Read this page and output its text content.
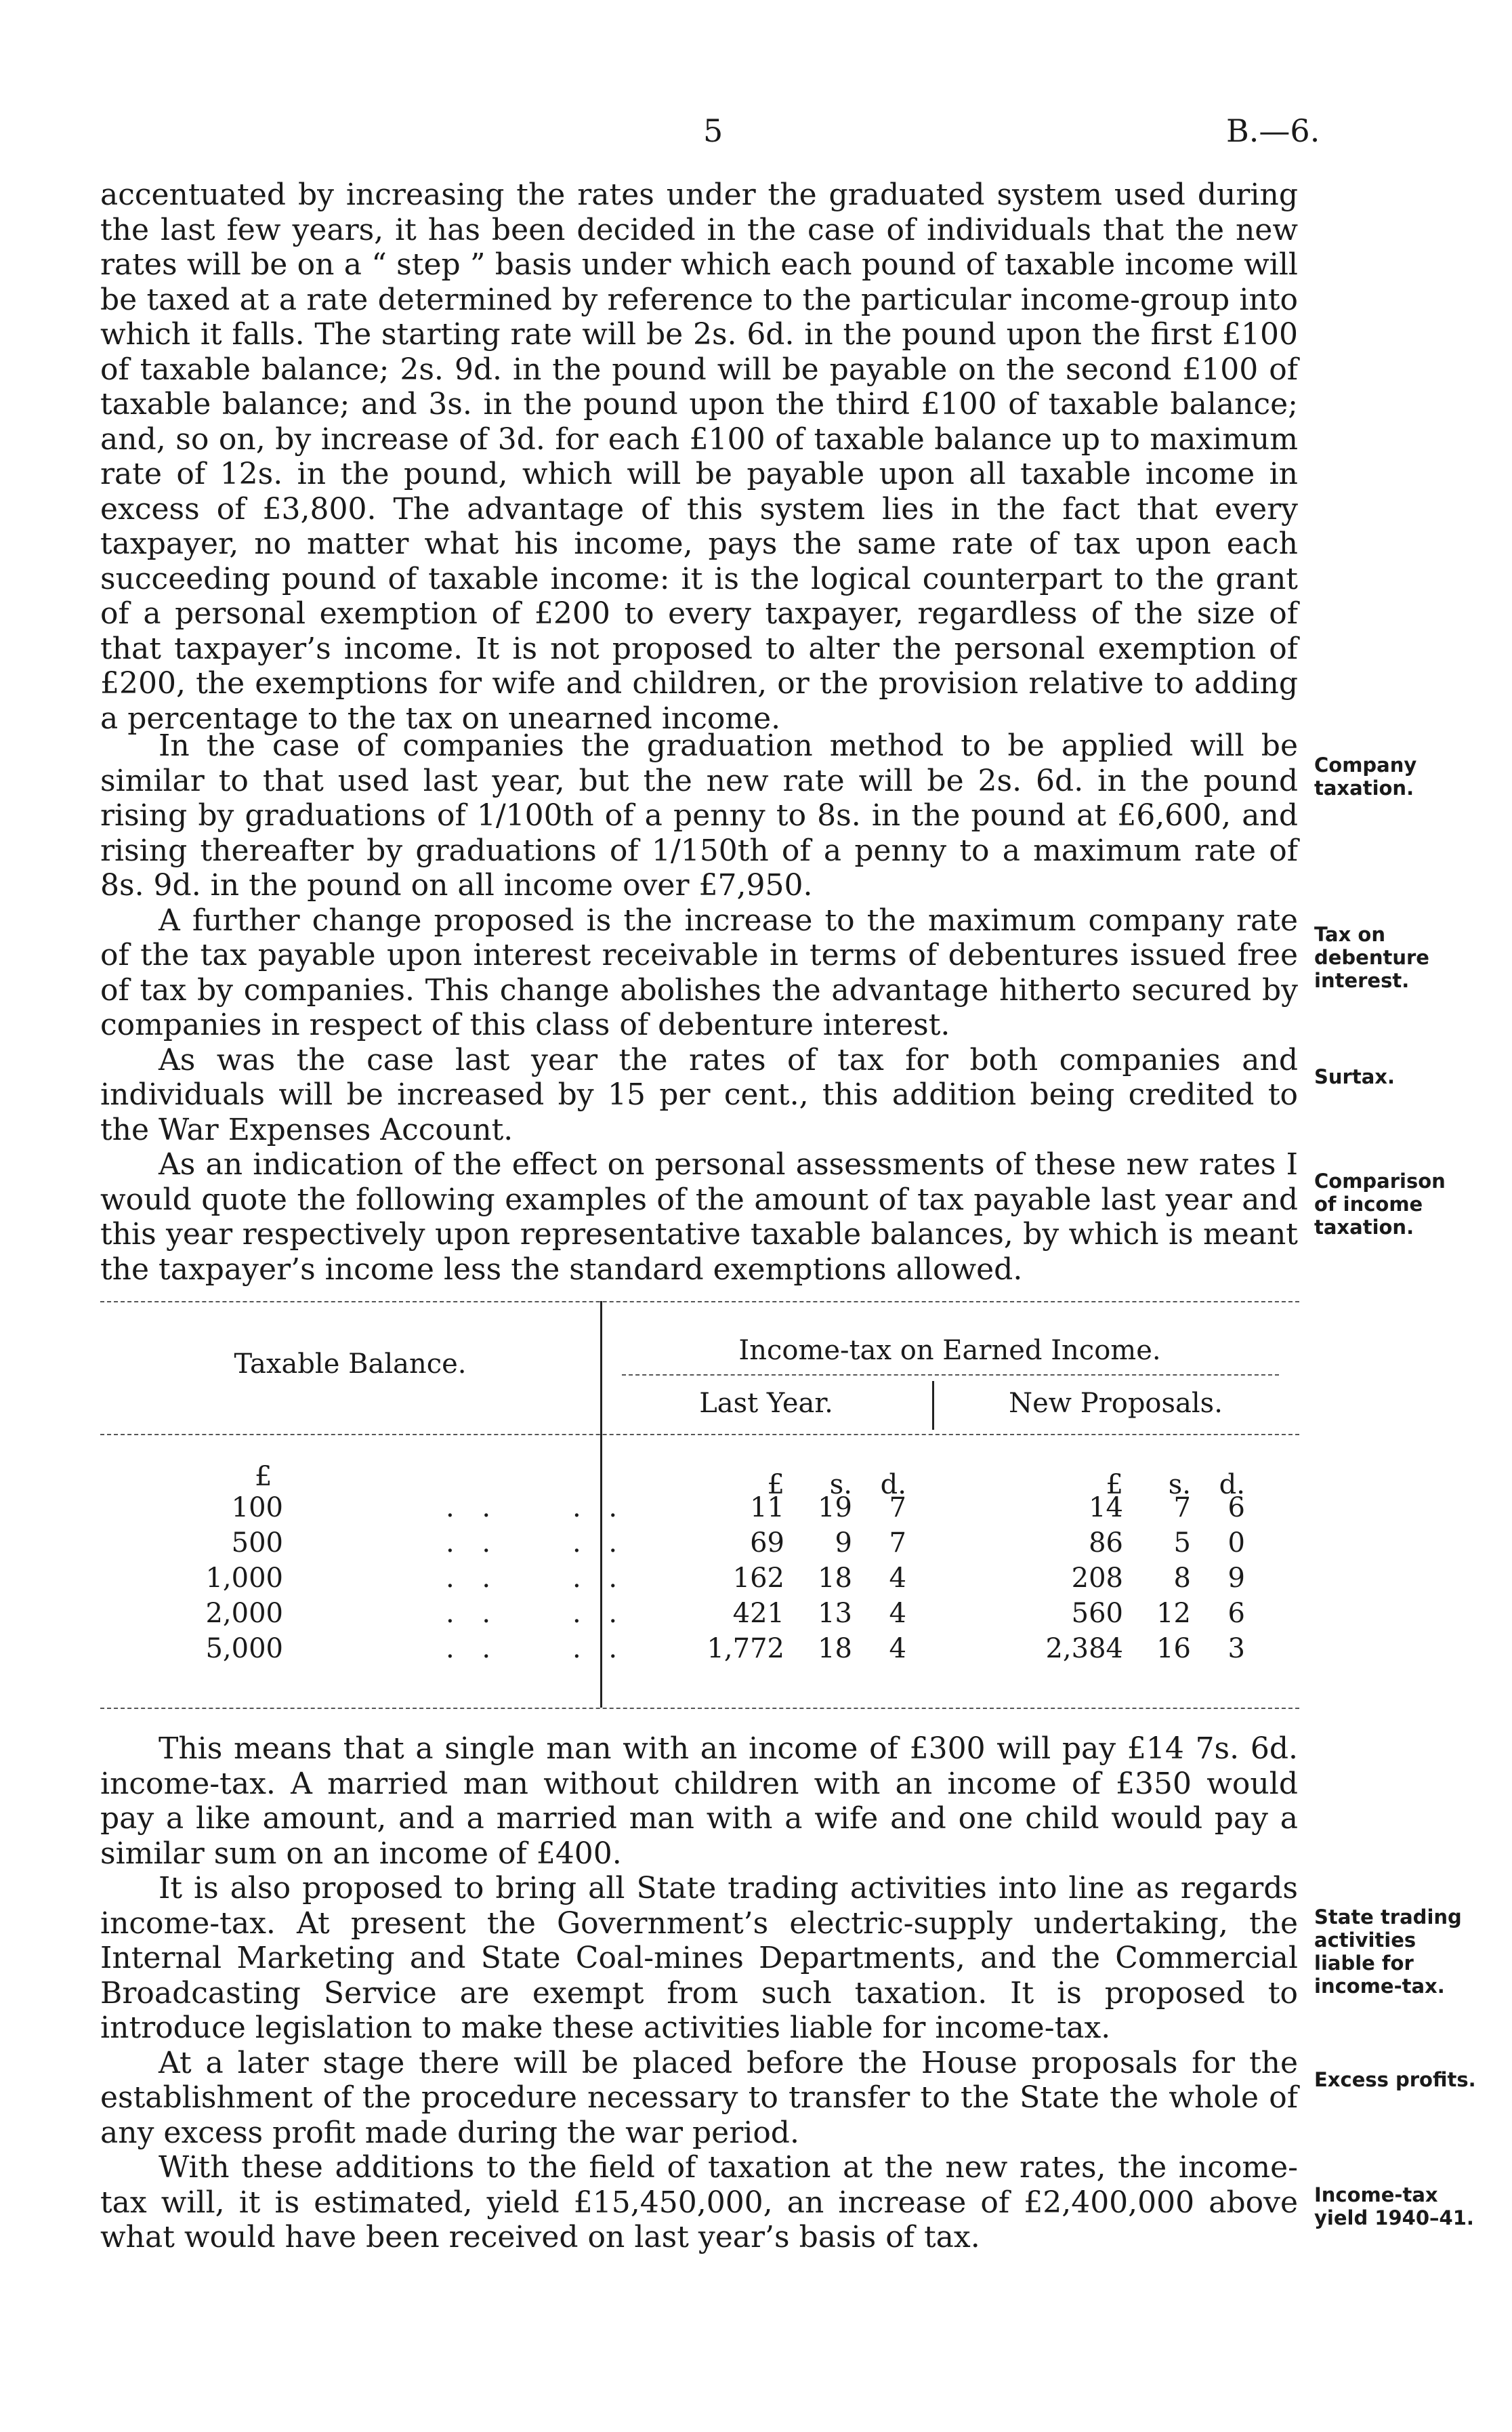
5	B.—6.

accentuated by increasing the rates under the graduated system used during the last few years, it has been decided in the case of individuals that the new rates will be on a “ step ” basis under which each pound of taxable income will be taxed at a rate determined by reference to the particular income-group into which it falls. The starting rate will be 2s. 6d. in the pound upon the first £100 of taxable balance; 2s. 9d. in the pound will be payable on the second £100 of taxable balance; and 3s. in the pound upon the third £100 of taxable balance; and, so on, by increase of 3d. for each £100 of taxable balance up to maximum rate of 12s. in the pound, which will be payable upon all taxable income in excess of £3,800. The advantage of this system lies in the fact that every taxpayer, no matter what his income, pays the same rate of tax upon each succeeding pound of taxable income: it is the logical counterpart to the grant of a personal exemption of £200 to every taxpayer, regardless of the size of that taxpayer’s income. It is not proposed to alter the personal exemption of £200, the exemptions for wife and children, or the provision relative to adding a percentage to the tax on unearned income.

In the case of companies the graduation method to be applied will be similar to that used last year, but the new rate will be 2s. 6d. in the pound rising by graduations of 1/100th of a penny to 8s. in the pound at £6,600, and rising thereafter by graduations of 1/150th of a penny to a maximum rate of 8s. 9d. in the pound on all income over £7,950.

A further change proposed is the increase to the maximum company rate of the tax payable upon interest receivable in terms of debentures issued free of tax by companies. This change abolishes the advantage hitherto secured by companies in respect of this class of debenture interest.

As was the case last year the rates of tax for both companies and individuals will be increased by 15 per cent., this addition being credited to the War Expenses Account.

As an indication of the effect on personal assessments of these new rates I would quote the following examples of the amount of tax payable last year and this year respectively upon representative taxable balances, by which is meant the taxpayer’s income less the standard exemptions allowed.

Taxable Balance.	Income-tax on Earned Income.
Last Year.	New Proposals.
£	£	s.	d.	£	s.	d.
100	. .    . .	11	19	7	14	7	6
500	. .    . .	69	9	7	86	5	0
1,000	. .    . .	162	18	4	208	8	9
2,000	. .    . .	421	13	4	560	12	6
5,000	. .    . .	1,772	18	4	2,384	16	3

This means that a single man with an income of £300 will pay £14 7s. 6d. income-tax. A married man without children with an income of £350 would pay a like amount, and a married man with a wife and one child would pay a similar sum on an income of £400.

It is also proposed to bring all State trading activities into line as regards income-tax. At present the Government’s electric-supply undertaking, the Internal Marketing and State Coal-mines Departments, and the Commercial Broadcasting Service are exempt from such taxation. It is proposed to introduce legislation to make these activities liable for income-tax.

At a later stage there will be placed before the House proposals for the establishment of the procedure necessary to transfer to the State the whole of any excess profit made during the war period.

With these additions to the field of taxation at the new rates, the income-tax will, it is estimated, yield £15,450,000, an increase of £2,400,000 above what would have been received on last year’s basis of tax.

Company
taxation.
Tax on
debenture
interest.
Surtax.
Comparison
of income
taxation.
State trading
activities
liable for
income-tax.
Excess profits.
Income-tax
yield 1940–41.
